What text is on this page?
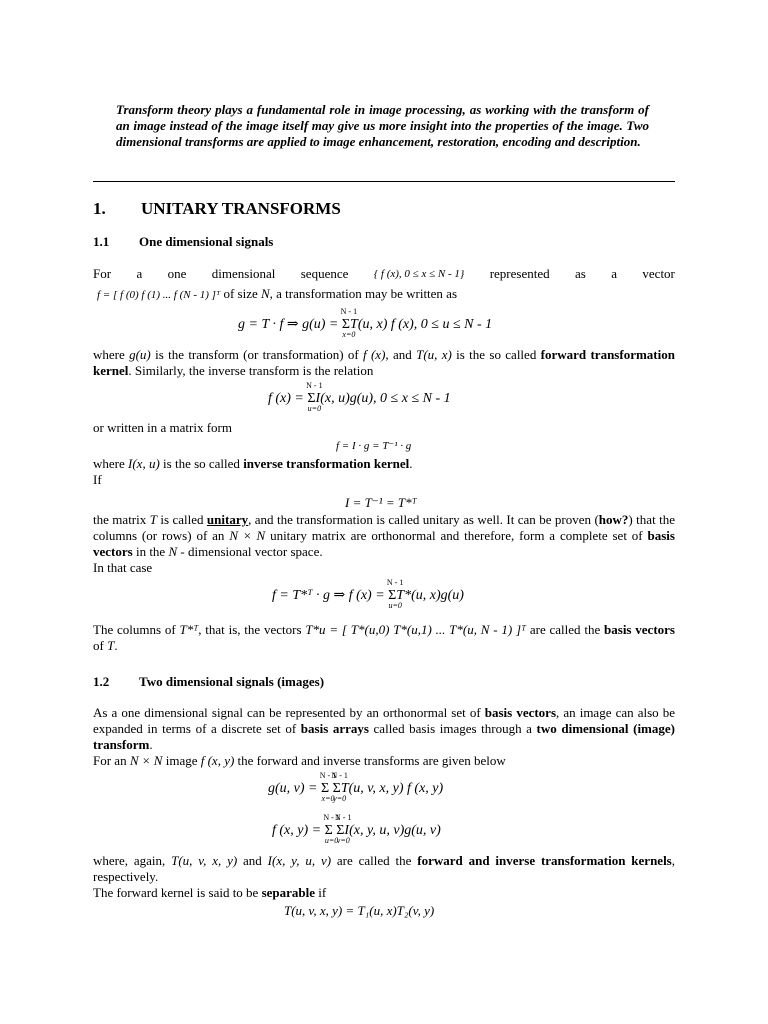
Transform theory plays a fundamental role in image processing, as working with the transform of an image instead of the image itself may give us more insight into the properties of the image. Two dimensional transforms are applied to image enhancement, restoration, encoding and description.
1. UNITARY TRANSFORMS
1.1 One dimensional signals
For a one dimensional sequence { f (x), 0 ≤ x ≤ N - 1} represented as a vector
f = [ f (0) f (1) ... f (N - 1) ]ᵀ of size N, a transformation may be written as
g = T · f ⇒ g(u) = Σ
N - 1
x=0
T(u, x) f (x), 0 ≤ u ≤ N - 1
where g(u) is the transform (or transformation) of f (x), and T(u, x) is the so called forward transformation kernel. Similarly, the inverse transform is the relation
f (x) = Σ
N - 1
u=0
I(x, u)g(u), 0 ≤ x ≤ N - 1
or written in a matrix form
f = I · g = T⁻¹ · g
where I(x, u) is the so called inverse transformation kernel.
If
I = T⁻¹ = T*ᵀ
the matrix T is called unitary, and the transformation is called unitary as well. It can be proven (how?) that the columns (or rows) of an N × N unitary matrix are orthonormal and therefore, form a complete set of basis vectors in the N - dimensional vector space.
In that case
f = T*ᵀ · g ⇒ f (x) = Σ
N - 1
u=0
T*(u, x)g(u)
The columns of T*ᵀ, that is, the vectors T*u = [ T*(u,0) T*(u,1) ... T*(u, N - 1) ]ᵀ are called the basis vectors of T.
1.2 Two dimensional signals (images)
As a one dimensional signal can be represented by an orthonormal set of basis vectors, an image can also be expanded in terms of a discrete set of basis arrays called basis images through a two dimensional (image) transform.
For an N × N image f (x, y) the forward and inverse transforms are given below
g(u, v) = Σ
N - 1
x=0
Σ
N - 1
y=0
T(u, v, x, y) f (x, y)
f (x, y) = Σ
N - 1
u=0
Σ
N - 1
v=0
I(x, y, u, v)g(u, v)
where, again, T(u, v, x, y) and I(x, y, u, v) are called the forward and inverse transformation kernels, respectively.
The forward kernel is said to be separable if
T(u, v, x, y) = T₁(u, x)T₂(v, y)
